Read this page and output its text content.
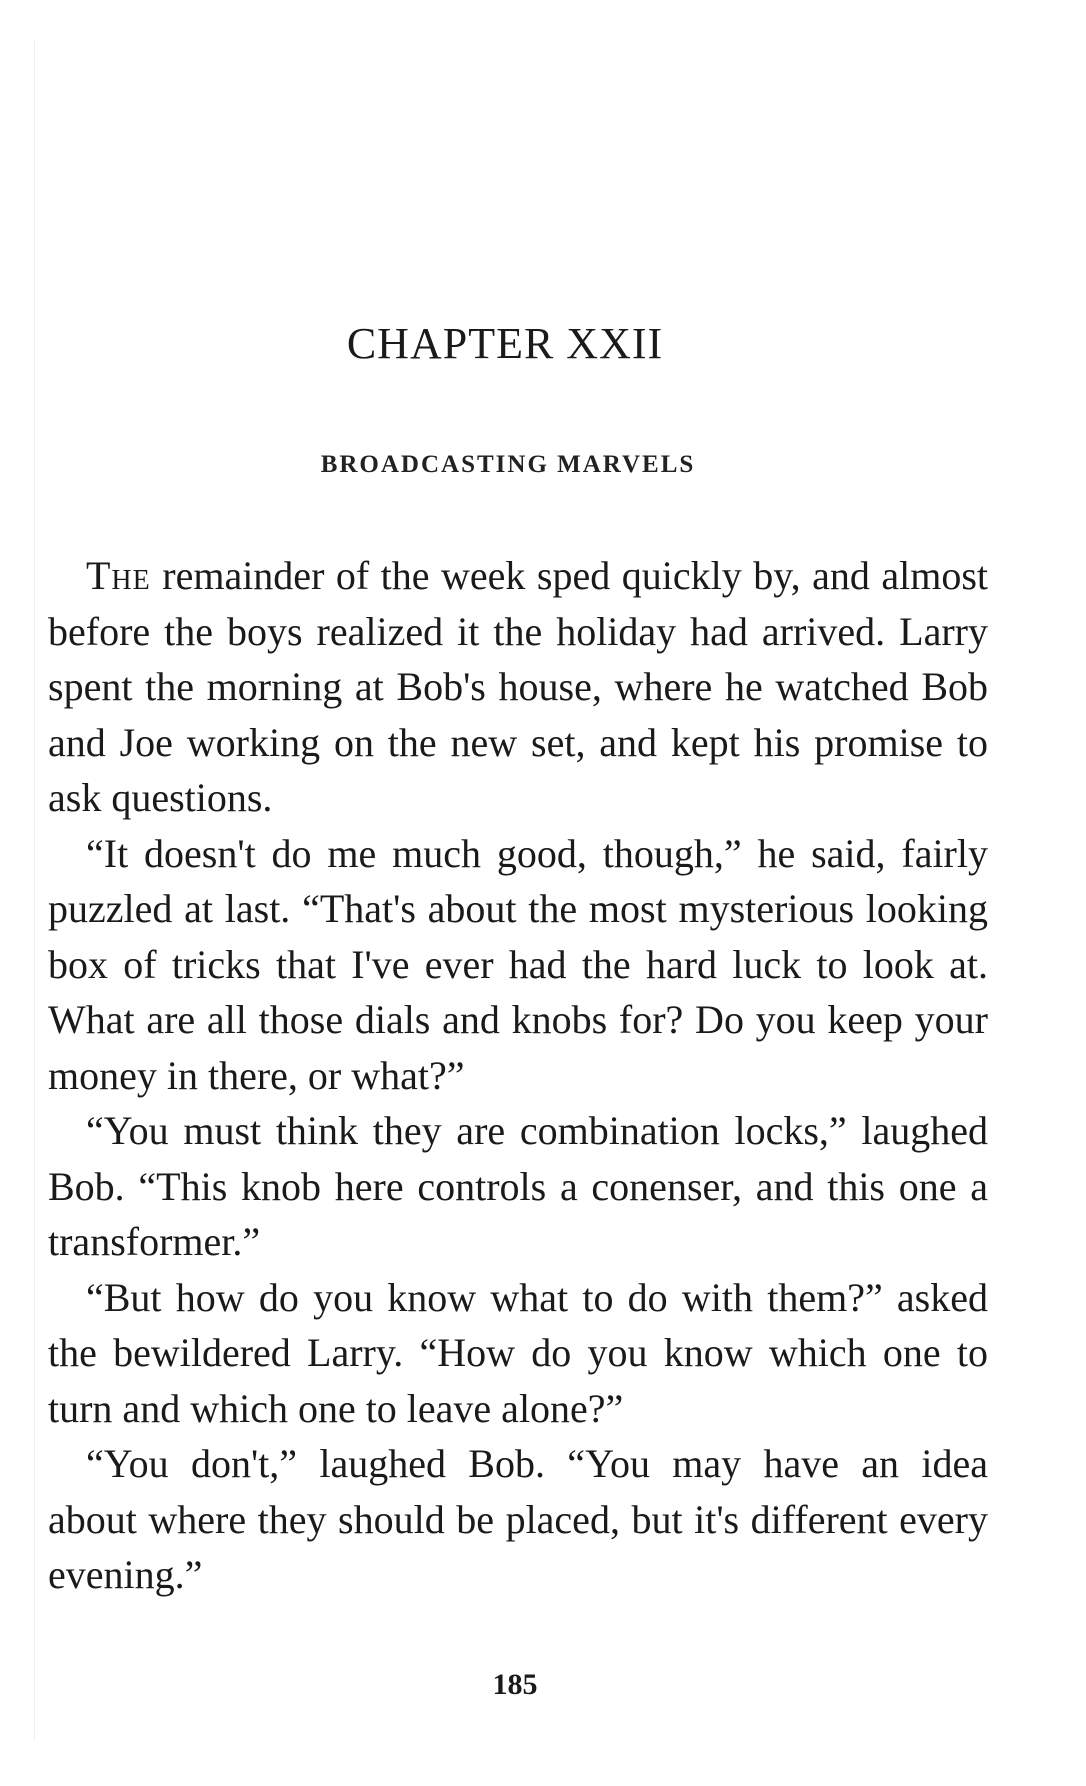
CHAPTER XXII
BROADCASTING MARVELS

The remainder of the week sped quickly by, and almost before the boys realized it the holiday had arrived. Larry spent the morning at Bob's house, where he watched Bob and Joe working on the new set, and kept his promise to ask questions.

“It doesn't do me much good, though,” he said, fairly puzzled at last. “That's about the most mysterious looking box of tricks that I've ever had the hard luck to look at. What are all those dials and knobs for? Do you keep your money in there, or what?”

“You must think they are combination locks,” laughed Bob. “This knob here controls a conenser, and this one a transformer.”

“But how do you know what to do with them?” asked the bewildered Larry. “How do you know which one to turn and which one to leave alone?”

“You don't,” laughed Bob. “You may have an idea about where they should be placed, but it's different every evening.”

185
